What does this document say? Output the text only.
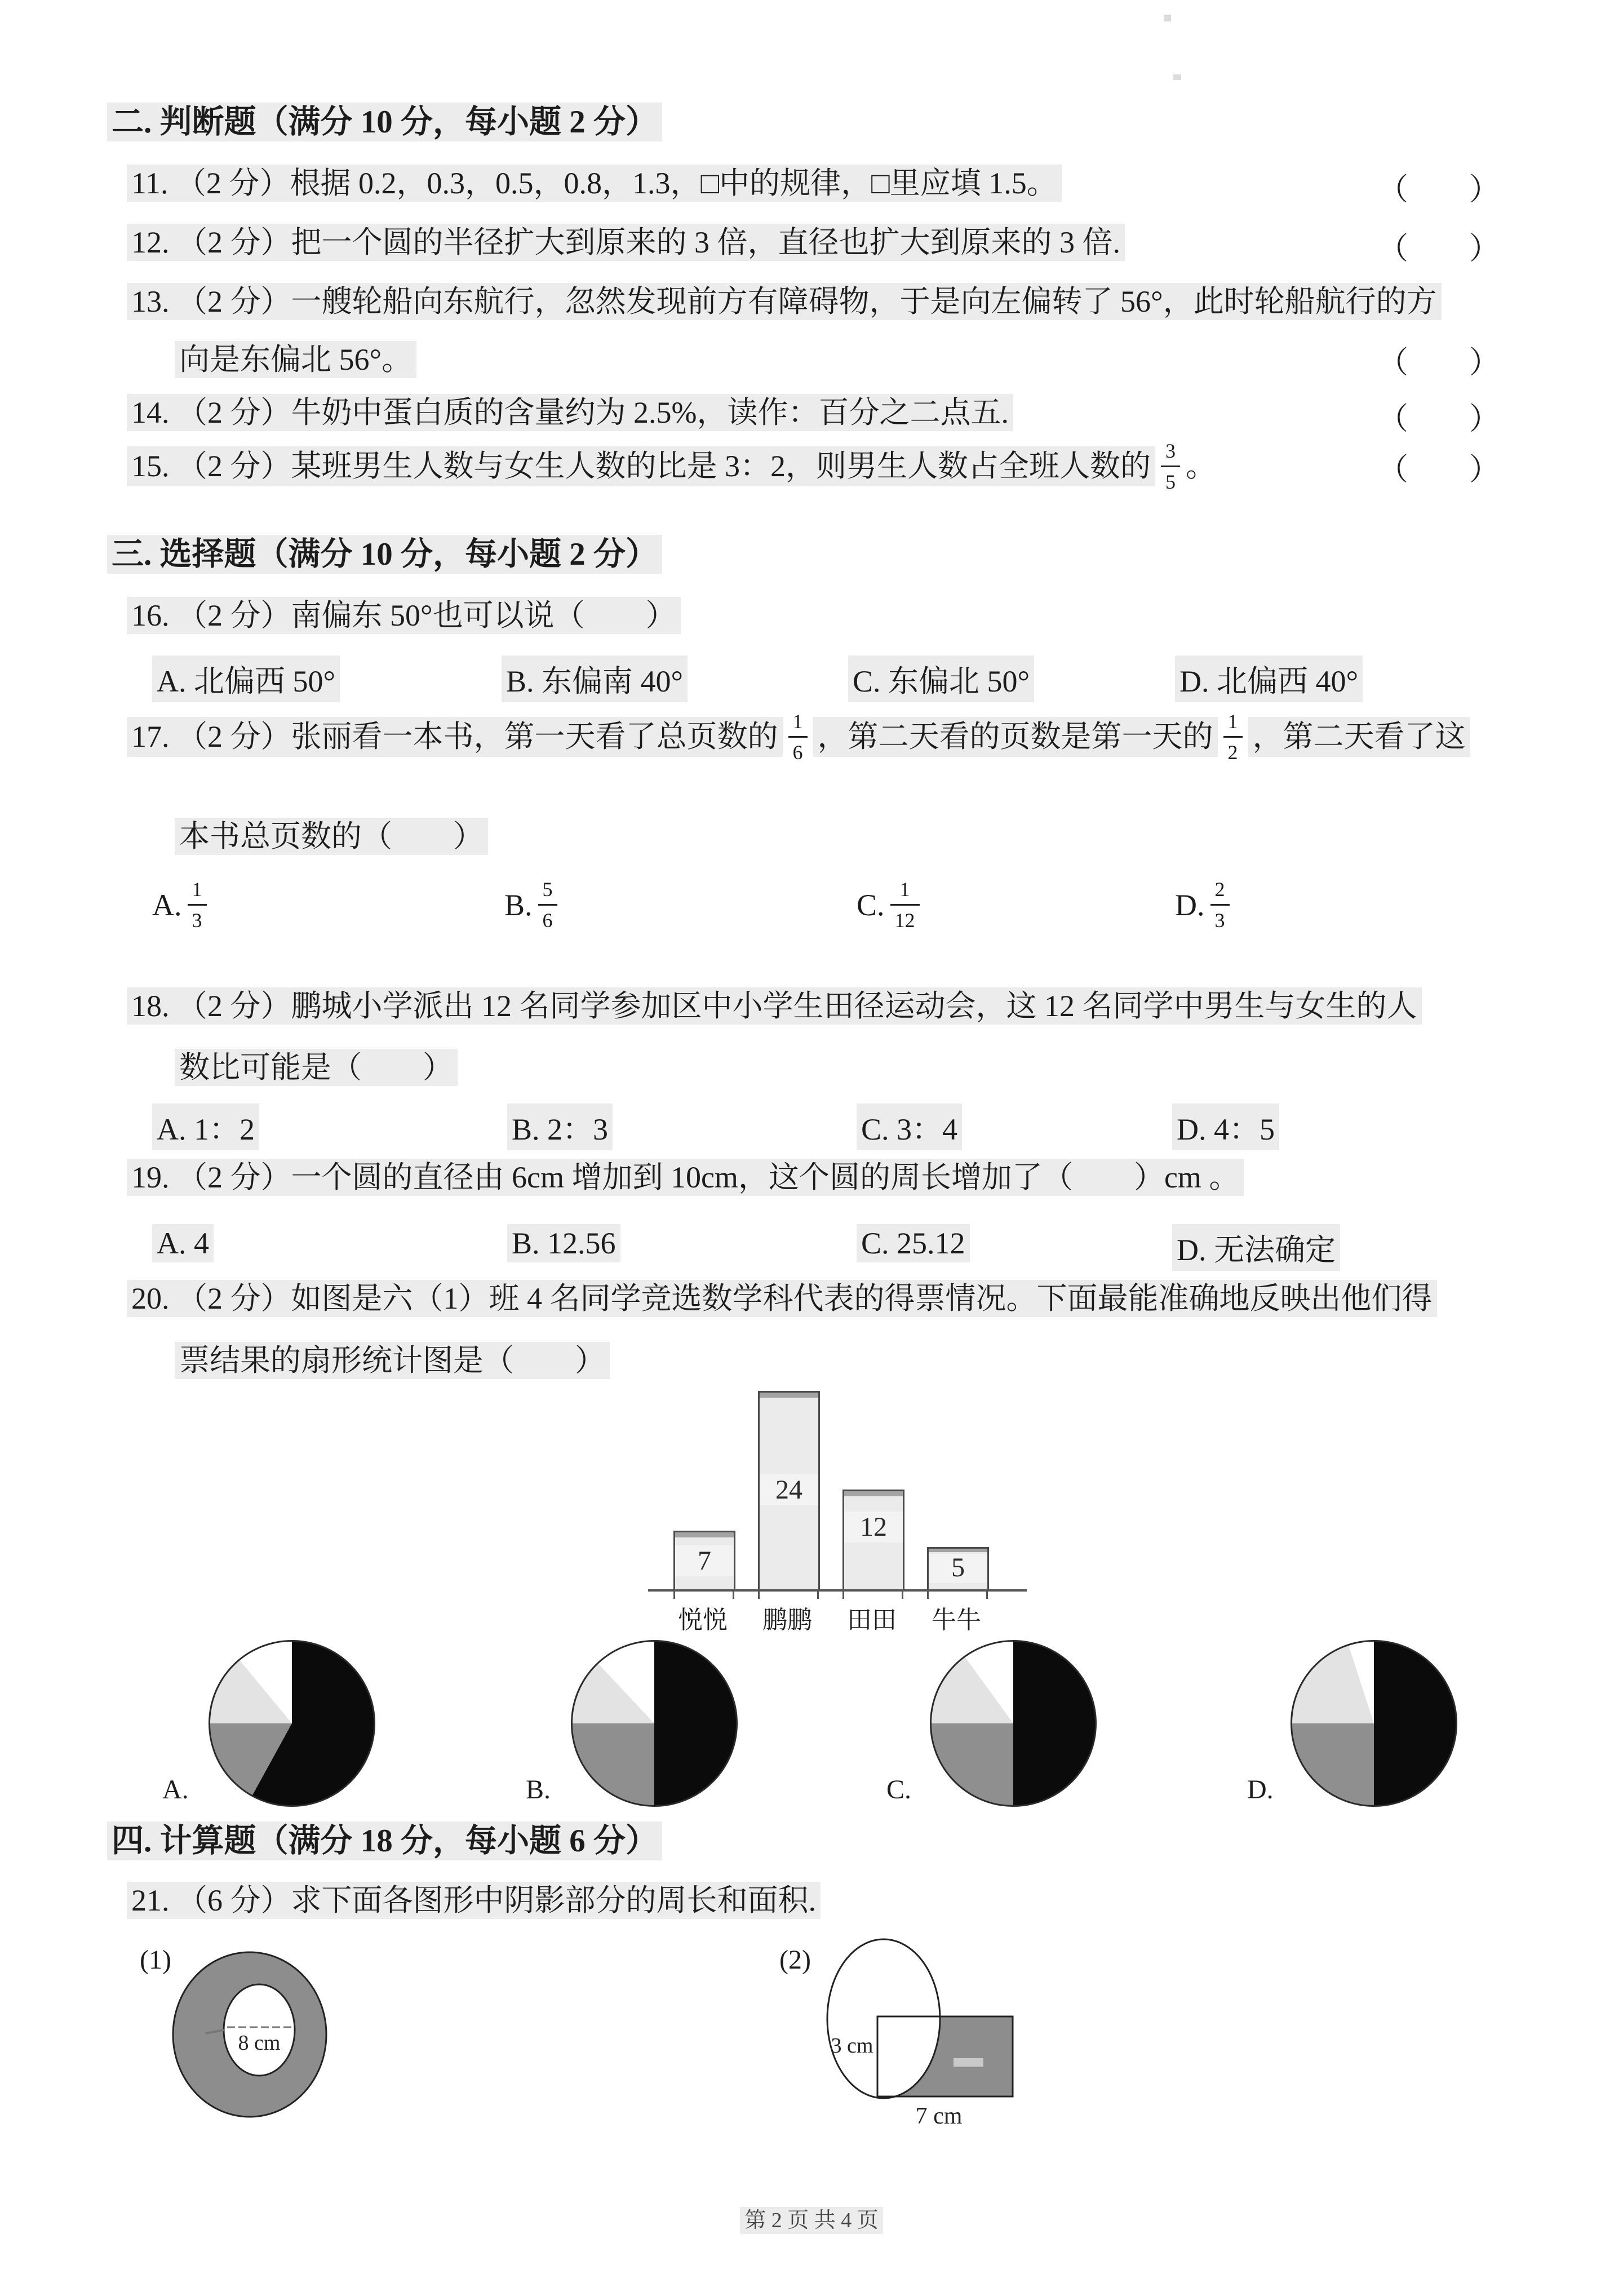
二. 判断题（满分 10 分，每小题 2 分）
11. （2 分）根据 0.2，0.3，0.5，0.8，1.3，□中的规律，□里应填 1.5。	（　　）
12. （2 分）把一个圆的半径扩大到原来的 3 倍，直径也扩大到原来的 3 倍.	（　　）
13. （2 分）一艘轮船向东航行，忽然发现前方有障碍物，于是向左偏转了 56°，此时轮船航行的方
向是东偏北 56°。	（　　）
14. （2 分）牛奶中蛋白质的含量约为 2.5%，读作：百分之二点五.	（　　）
15. （2 分）某班男生人数与女生人数的比是 3：2，则男生人数占全班人数的 $\frac{3}{5}$ 。	（　　）
三. 选择题（满分 10 分，每小题 2 分）
16. （2 分）南偏东 50°也可以说（　　）
A. 北偏西 50°	B. 东偏南 40°	C. 东偏北 50°	D. 北偏西 40°
17. （2 分）张丽看一本书，第一天看了总页数的 $\frac{1}{6}$ ，第二天看的页数是第一天的 $\frac{1}{2}$ ，第二天看了这
本书总页数的（　　）
A. $\frac{1}{3}$	B. $\frac{5}{6}$	C. $\frac{1}{12}$	D. $\frac{2}{3}$
18. （2 分）鹏城小学派出 12 名同学参加区中小学生田径运动会，这 12 名同学中男生与女生的人
数比可能是（　　）
A. 1：2	B. 2：3	C. 3：4	D. 4：5
19. （2 分）一个圆的直径由 6cm 增加到 10cm，这个圆的周长增加了（　　）cm 。
A. 4	B. 12.56	C. 25.12	D. 无法确定
20. （2 分）如图是六（1）班 4 名同学竞选数学科代表的得票情况。下面最能准确地反映出他们得
票结果的扇形统计图是（　　）
7
24
12
5
悦悦 鹏鹏 田田 牛牛
A.	B.	C.	D.
四. 计算题（满分 18 分，每小题 6 分）
21. （6 分）求下面各图形中阴影部分的周长和面积.
(1)
8 cm
(2)
3 cm
7 cm
第 2 页 共 4 页
